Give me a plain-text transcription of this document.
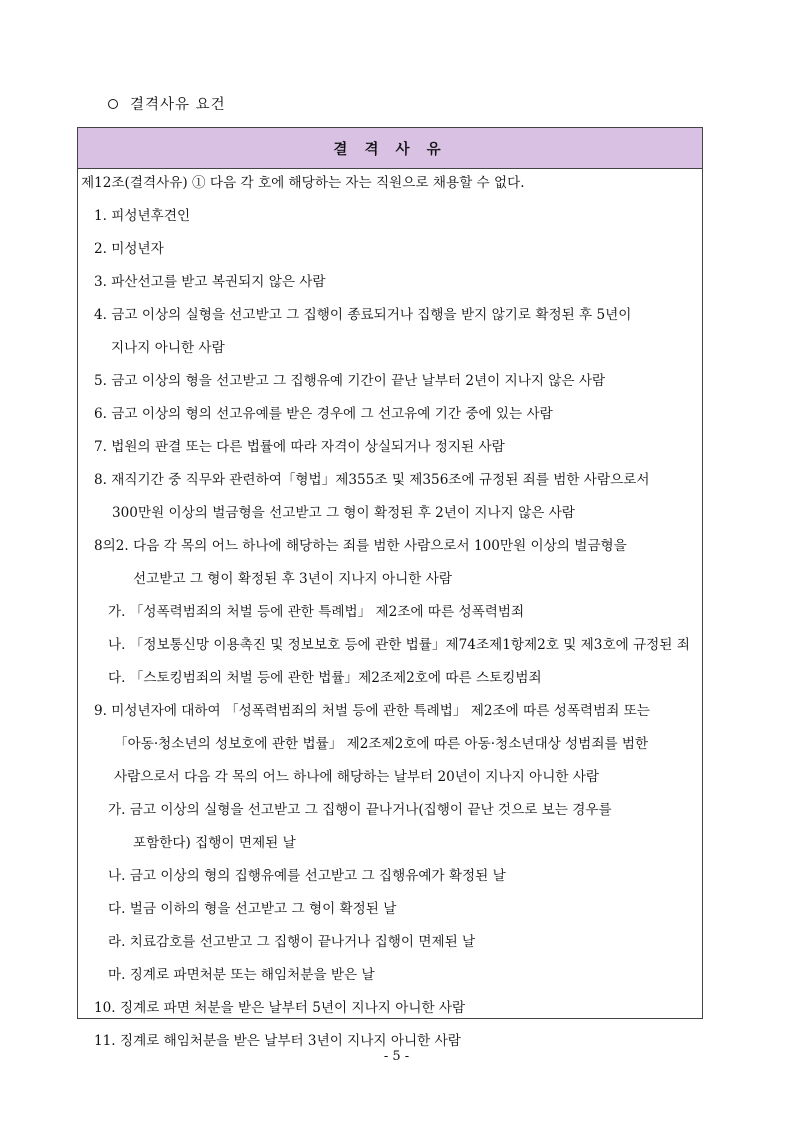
결격사유 요건
결 격 사 유
제12조(결격사유) ① 다음 각 호에 해당하는 자는 직원으로 채용할 수 없다.
1. 피성년후견인
2. 미성년자
3. 파산선고를 받고 복권되지 않은 사람
4. 금고 이상의 실형을 선고받고 그 집행이 종료되거나 집행을 받지 않기로 확정된 후 5년이
지나지 아니한 사람
5. 금고 이상의 형을 선고받고 그 집행유예 기간이 끝난 날부터 2년이 지나지 않은 사람
6. 금고 이상의 형의 선고유예를 받은 경우에 그 선고유예 기간 중에 있는 사람
7. 법원의 판결 또는 다른 법률에 따라 자격이 상실되거나 정지된 사람
8. 재직기간 중 직무와 관련하여「형법」제355조 및 제356조에 규정된 죄를 범한 사람으로서
300만원 이상의 벌금형을 선고받고 그 형이 확정된 후 2년이 지나지 않은 사람
8의2. 다음 각 목의 어느 하나에 해당하는 죄를 범한 사람으로서 100만원 이상의 벌금형을
선고받고 그 형이 확정된 후 3년이 지나지 아니한 사람
가. 「성폭력범죄의 처벌 등에 관한 특례법」 제2조에 따른 성폭력범죄
나. 「정보통신망 이용촉진 및 정보보호 등에 관한 법률」제74조제1항제2호 및 제3호에 규정된 죄
다. 「스토킹범죄의 처벌 등에 관한 법률」제2조제2호에 따른 스토킹범죄
9. 미성년자에 대하여 「성폭력범죄의 처벌 등에 관한 특례법」 제2조에 따른 성폭력범죄 또는
「아동·청소년의 성보호에 관한 법률」 제2조제2호에 따른 아동·청소년대상 성범죄를 범한
사람으로서 다음 각 목의 어느 하나에 해당하는 날부터 20년이 지나지 아니한 사람
가. 금고 이상의 실형을 선고받고 그 집행이 끝나거나(집행이 끝난 것으로 보는 경우를
포함한다) 집행이 면제된 날
나. 금고 이상의 형의 집행유예를 선고받고 그 집행유예가 확정된 날
다. 벌금 이하의 형을 선고받고 그 형이 확정된 날
라. 치료감호를 선고받고 그 집행이 끝나거나 집행이 면제된 날
마. 징계로 파면처분 또는 해임처분을 받은 날
10. 징계로 파면 처분을 받은 날부터 5년이 지나지 아니한 사람
11. 징계로 해임처분을 받은 날부터 3년이 지나지 아니한 사람
- 5 -
